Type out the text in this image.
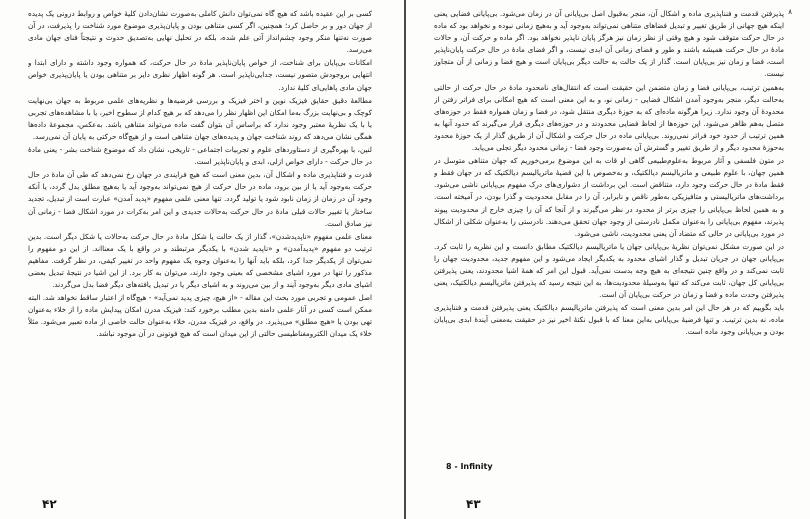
کسی بر این عقیده باشد که هیچ گاه نمی‌توان دانش کاملی به‌صورت نشان‌دادن کلیهٔ خواص و روابط درونی یک پدیده از جهان دور و بر حاصل کرد؛ همچنین، اگر کسی متناهی بودن و پایان‌پذیری موضوع مورد شناخت را پذیرفت، در آن صورت نه‌تنها منکر وجود چشم‌انداز آتی علم شده، بلکه در تحلیل نهایی به‌تصدیق حدوث و نتیجتاً فنای جهان مادی می‌رسد.

امکانات بی‌پایان برای شناخت، از خواص پایان‌ناپذیر مادهٔ در حال حرکت، که همواره وجود داشته و دارای ابتدا و انتهایی بروجودش متصور نیست، جدایی‌ناپذیر است. هر گونه اظهار نظری دایر بر متناهی بودن یا پایان‌پذیری خواص جهان مادی پاهایی‌ای کلیهٔ ندارد.

مطالعهٔ دقیق حقایق فیزیک نوین و اختر فیزیک و بررسی فرضیه‌ها و نظریه‌های علمی مربوط به جهان بی‌نهایت کوچک و بی‌نهایت بزرگ به‌ما امکان این اظهار نظر را می‌دهد که بر هیچ کدام از سطوح اخیر، یا با مشاهده‌های تجربی یا با یک نظریهٔ معتبر وجود ندارد که براساس آن بتوان گفت ماده می‌تواند متناهی باشد. به‌عکس، مجموعهٔ داده‌ها همگی نشان می‌دهد که روند شناخت جهان و پدیده‌های جهان متناهی است و از هیچ‌گاه حرکتی به پایان آن نمی‌رسد.

لنین، با بهره‌گیری از دستاوردهای علوم و تجربیات اجتماعی - تاریخی، نشان داد که موضوع شناخت بشر - یعنی مادهٔ در حال حرکت - دارای خواص ازلی، ابدی و پایان‌ناپذیر است.

قدرت و فنناپذیری ماده و اشکال آن، بدین معنی است که هیچ فرایندی در جهان رخ نمی‌دهد که طی آن مادهٔ در حال حرکت به‌وجود آید یا از بین برود، ماده در حال حرکت از هیچ نمی‌تواند به‌وجود آید یا به‌هیچ مطلق بدل گردد، یا آنکه وجود آن در زمان از زمان نابود شود یا تولید گردد. تنها معنی علمی مفهوم «پدید آمدن» عبارت است از تبدیل، تجدید ساختار یا تغییر حالات قبلی مادهٔ در حال حرکت به‌حالات جدیدی و این امر به‌کرات در مورد اشکال فضا - زمانی آن نیز صادق است.

معنای علمی مفهوم «ناپدیدشدن»، گذار از یک حالت یا شکل مادهٔ در حال حرکت به‌حالات یا شکل دیگر است. بدین ترتیب دو مفهوم «پدیدآمدن» و «ناپدید شدن» با یکدیگر مرتبطند و در واقع با یک معنا‌اند. از این دو مفهوم را نمی‌توان از یکدیگر جدا کرد، بلکه باید آنها را به‌عنوان وجوه یک مفهوم واحد در تغییر کیفی، در نظر گرفت. مفاهیم مذکور را تنها در مورد اشیای مشخصی که بعینی وجود دارند، می‌توان به کار برد. از این اشیا در نتیجهٔ تبدیل بعضی اشیای مادی دیگر به‌وجود آیند و از بین می‌روند و به اشیای دیگر یا در تبدیل یافته‌های دیگر فضا بدل می‌گردند.

اصل عمومی و تجربی مورد بحث این مقاله - «از هیچ، چیزی پدید نمی‌آید» - هیچ‌گاه از اعتبار ساقط نخواهد شد. البته ممکن است کسی در آثار علمی دامنه بدین مطلب برخورد کند: فیزیک مدرن امکان پیدایش ماده را از خلاء به‌عنوان تهی بودن یا «هیچ مطلق» می‌پذیرد. در واقع، در فیزیک مدرن، خلاء به‌عنوان حالت خاصی از ماده تعبیر می‌شود. مثلاً خلاء یک میدان الکترومغناطیسی حالتی از این میدان است که هیچ فوتونی در آن موجود نباشد.

۴۲
۸

پذیرفتن قدمت و فنناپذیری ماده و اشکال آن، منجر به‌قبول اصل بی‌پایانی آن در زمان می‌شود. بی‌پایانی فضایی یعنی اینکه هیچ جهانی از طریق تغییر و تبدیل فضاهای متناهی نمی‌تواند به‌وجود آید و به‌هیچ زمانی نبوده و نخواهد بود که ماده در حال حرکت متوقف شود و هیچ وقتی از نظر زمان نیز هرگز پایان ناپذیر نخواهد بود. اگر ماده و حرکت آن، و حالات مادهٔ در حال حرکت همیشه باشند و طور و فضای زمانی آن ابدی نیست، و اگر فضای مادهٔ در حال حرکت پایان‌ناپذیر است، فضا و زمان نیز بی‌پایان است. گذار از یک حالت به حالت دیگر بی‌پایان است و هیچ فضا و زمانی از آن متجاوز نیست.

به‌همین ترتیب، بی‌پایانی فضا و زمان متضمن این حقیقت است که انتقال‌های نامحدود مادهٔ در حال حرکت از حالتی به‌حالت دیگر، منجر به‌وجود آمدن اشکال فضایی - زمانی نو، و به این معنی است که هیچ امکانی برای فراتر رفتن از محدودهٔ آن وجود ندارد. زیرا هرگونه ماده‌ای که به حوزهٔ دیگری منتقل شود، در فضا و زمان همواره فقط در حوزه‌های متصل به‌هم ظاهر می‌شود. این حوزه‌ها از لحاظ فضایی محدودند و در حوزه‌های دیگری قرار می‌گیرند که حدود آنها به همین ترتیب از حدود خود فراتر نمی‌روند. بی‌پایانی ماده در حال حرکت و اشکال آن از طریق گذار از یک حوزهٔ محدود به‌حوزهٔ محدود دیگر و از طریق تغییر و گسترش آن به‌صورت وجود فضا - زمانی محدود دیگر تجلی می‌یابد.

در متون فلسفی و آثار مربوط به‌علوم‌طبیعی گاهی او قات به این موضوع برمی‌خوریم که جهان متناهی متوسل در همین جهان، با علوم طبیعی و ماتریالیسم دیالکتیک، و به‌خصوص با این قضیهٔ ماتریالیسم دیالکتیک که در جهان فقط و فقط مادهٔ در حال حرکت وجود دارد، متناقض است. این برداشت از دشواری‌های درک مفهوم بی‌پایانی ناشی می‌شود. برداشت‌های ماتریالیستی و متافیزیکی به‌طور ناقص و نابرابر، آن را در مقابل محدودیت و گذرا بودن، در آمیخته است. و به همین لحاظ بی‌پایانی را چیزی برتر از محدود در نظر می‌گیرند و از آنجا که آن را چیزی خارج از محدودیت پیوند پذیرند، مفهوم بی‌پایانی را به‌عنوان مکمل نادرستی از وجود جهان تحقق می‌دهند. نادرستی را به‌عنوان شکلی از اشکال در مورد بی‌پایانی در حالی که متضاد آن یعنی محدودیت، ناشی می‌شود.

در این صورت مشکل نمی‌توان نظریهٔ بی‌پایانی جهان یا ماتریالیسم دیالکتیک مطابق دانست و این نظریه را ثابت کرد. بی‌پایانی جهان در جریان تبدیل و گذار اشیای محدود به یکدیگر ایجاد می‌شود و این مفهوم جدید، محدودیت جهان را ثابت نمی‌کند و در واقع چنین نتیجه‌ای به هیچ وجه بدست نمی‌آید. قبول این امر که همهٔ اشیا محدودند، یعنی پذیرفتن بی‌پایانی کل جهان، ثابت می‌کند که تنها به‌وسیلهٔ محدودیت‌ها، به این نتیجه رسید که پذیرفتن ماتریالیسم دیالکتیک، یعنی پذیرفتن وحدت ماده و فضا و زمان در حرکت بی‌پایان آن است.

باید بگوییم که در هر حال این امر بدین معنی است که پذیرفتن ماتریالیسم دیالکتیک یعنی پذیرفتن قدمت و فنناپذیری ماده، نه بدین ترتیب. و تنها فرضیهٔ بی‌پایانی به‌این معنا که با قبول نکتهٔ اخیر نیز در حقیقت به‌معنی آیندهٔ ابدی بی‌پایان بودن و بی‌پایانی وجود ماده است.

8 - Infinity
۴۳
